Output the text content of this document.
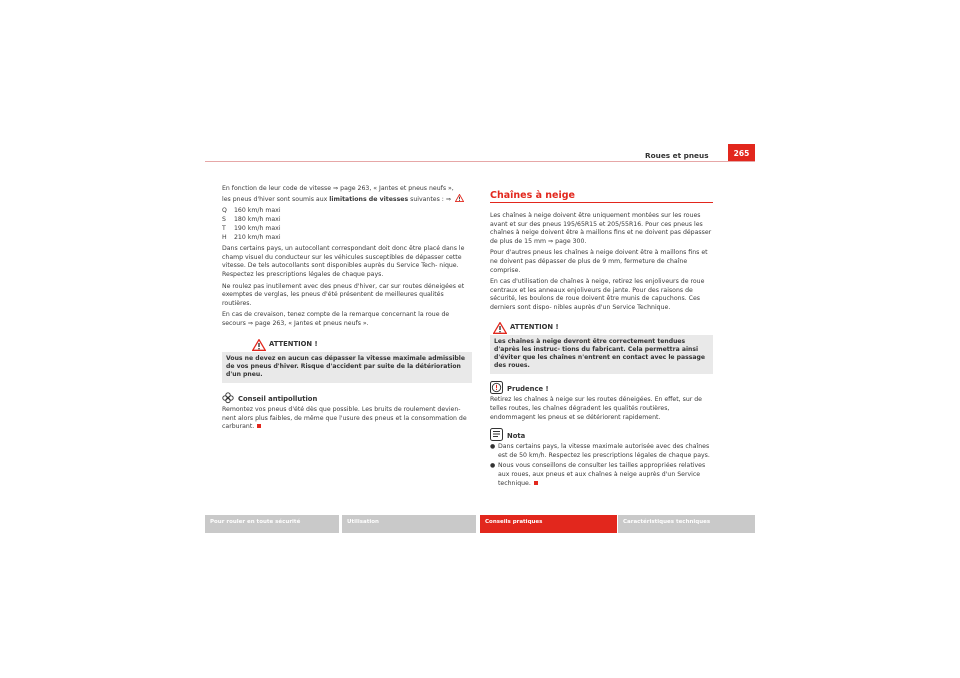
Roues et pneus	265

En fonction de leur code de vitesse ⇒ page 263, « Jantes et pneus neufs »,
les pneus d'hiver sont soumis aux limitations de vitesses suivantes : ⇒

Q	160 km/h maxi
S	180 km/h maxi
T	190 km/h maxi
H	210 km/h maxi

Dans certains pays, un autocollant correspondant doit donc être placé dans le champ visuel du conducteur sur les véhicules susceptibles de dépasser cette vitesse. De tels autocollants sont disponibles auprès du Service Tech- nique. Respectez les prescriptions légales de chaque pays.

Ne roulez pas inutilement avec des pneus d'hiver, car sur routes déneigées et exemptes de verglas, les pneus d'été présentent de meilleures qualités routières.

En cas de crevaison, tenez compte de la remarque concernant la roue de secours ⇒ page 263, « Jantes et pneus neufs ».

ATTENTION !
Vous ne devez en aucun cas dépasser la vitesse maximale admissible de vos pneus d'hiver. Risque d'accident par suite de la détérioration d'un pneu.
Conseil antipollution

Remontez vos pneus d'été dès que possible. Les bruits de roulement devien- nent alors plus faibles, de même que l'usure des pneus et la consommation de carburant.

Chaînes à neige

Les chaînes à neige doivent être uniquement montées sur les roues avant et sur des pneus 195/65R15 et 205/55R16. Pour ces pneus les chaînes à neige doivent être à maillons fins et ne doivent pas dépasser de plus de 15 mm ⇒ page 300.

Pour d'autres pneus les chaînes à neige doivent être à maillons fins et ne doivent pas dépasser de plus de 9 mm, fermeture de chaîne comprise.

En cas d'utilisation de chaînes à neige, retirez les enjoliveurs de roue centraux et les anneaux enjoliveurs de jante. Pour des raisons de sécurité, les boulons de roue doivent être munis de capuchons. Ces derniers sont dispo- nibles auprès d'un Service Technique.

ATTENTION !
Les chaînes à neige devront être correctement tendues d'après les instruc- tions du fabricant. Cela permettra ainsi d'éviter que les chaînes n'entrent en contact avec le passage des roues.
Prudence !

Retirez les chaînes à neige sur les routes déneigées. En effet, sur de telles routes, les chaînes dégradent les qualités routières, endommagent les pneus et se détériorent rapidement.

Nota
● Dans certains pays, la vitesse maximale autorisée avec des chaînes est de 50 km/h. Respectez les prescriptions légales de chaque pays.

● Nous vous conseillons de consulter les tailles appropriées relatives aux roues, aux pneus et aux chaînes à neige auprès d'un Service technique.

Pour rouler en toute sécurité	Utilisation	Conseils pratiques	Caractéristiques techniques
